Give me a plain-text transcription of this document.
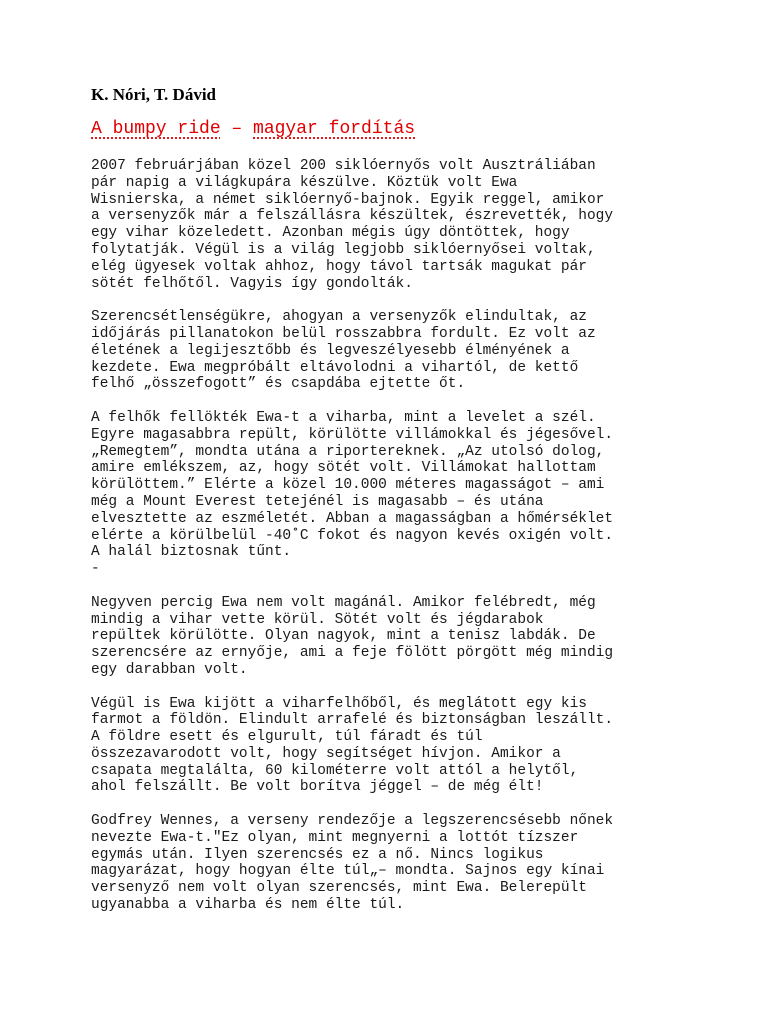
K. Nóri, T. Dávid
A bumpy ride – magyar fordítás
2007 februárjában közel 200 siklóernyős volt Ausztráliában
pár napig a világkupára készülve. Köztük volt Ewa
Wisnierska, a német siklóernyő-bajnok. Egyik reggel, amikor
a versenyzők már a felszállásra készültek, észrevették, hogy
egy vihar közeledett. Azonban mégis úgy döntöttek, hogy
folytatják. Végül is a világ legjobb siklóernyősei voltak,
elég ügyesek voltak ahhoz, hogy távol tartsák magukat pár
sötét felhőtől. Vagyis így gondolták.
Szerencsétlenségükre, ahogyan a versenyzők elindultak, az
időjárás pillanatokon belül rosszabbra fordult. Ez volt az
életének a legijesztőbb és legveszélyesebb élményének a
kezdete. Ewa megpróbált eltávolodni a vihartól, de kettő
felhő „összefogott” és csapdába ejtette őt.
A felhők fellökték Ewa-t a viharba, mint a levelet a szél.
Egyre magasabbra repült, körülötte villámokkal és jégesővel.
„Remegtem”, mondta utána a riportereknek. „Az utolsó dolog,
amire emlékszem, az, hogy sötét volt. Villámokat hallottam
körülöttem.” Elérte a közel 10.000 méteres magasságot – ami
még a Mount Everest tetejénél is magasabb – és utána
elvesztette az eszméletét. Abban a magasságban a hőmérséklet
elérte a körülbelül -40˚C fokot és nagyon kevés oxigén volt.
A halál biztosnak tűnt.
-
Negyven percig Ewa nem volt magánál. Amikor felébredt, még
mindig a vihar vette körül. Sötét volt és jégdarabok
repültek körülötte. Olyan nagyok, mint a tenisz labdák. De
szerencsére az ernyője, ami a feje fölött pörgött még mindig
egy darabban volt.
Végül is Ewa kijött a viharfelhőből, és meglátott egy kis
farmot a földön. Elindult arrafelé és biztonságban leszállt.
A földre esett és elgurult, túl fáradt és túl
összezavarodott volt, hogy segítséget hívjon. Amikor a
csapata megtalálta, 60 kilométerre volt attól a helytől,
ahol felszállt. Be volt borítva jéggel – de még élt!
Godfrey Wennes, a verseny rendezője a legszerencsésebb nőnek
nevezte Ewa-t."Ez olyan, mint megnyerni a lottót tízszer
egymás után. Ilyen szerencsés ez a nő. Nincs logikus
magyarázat, hogy hogyan élte túl„– mondta. Sajnos egy kínai
versenyző nem volt olyan szerencsés, mint Ewa. Belerepült
ugyanabba a viharba és nem élte túl.
